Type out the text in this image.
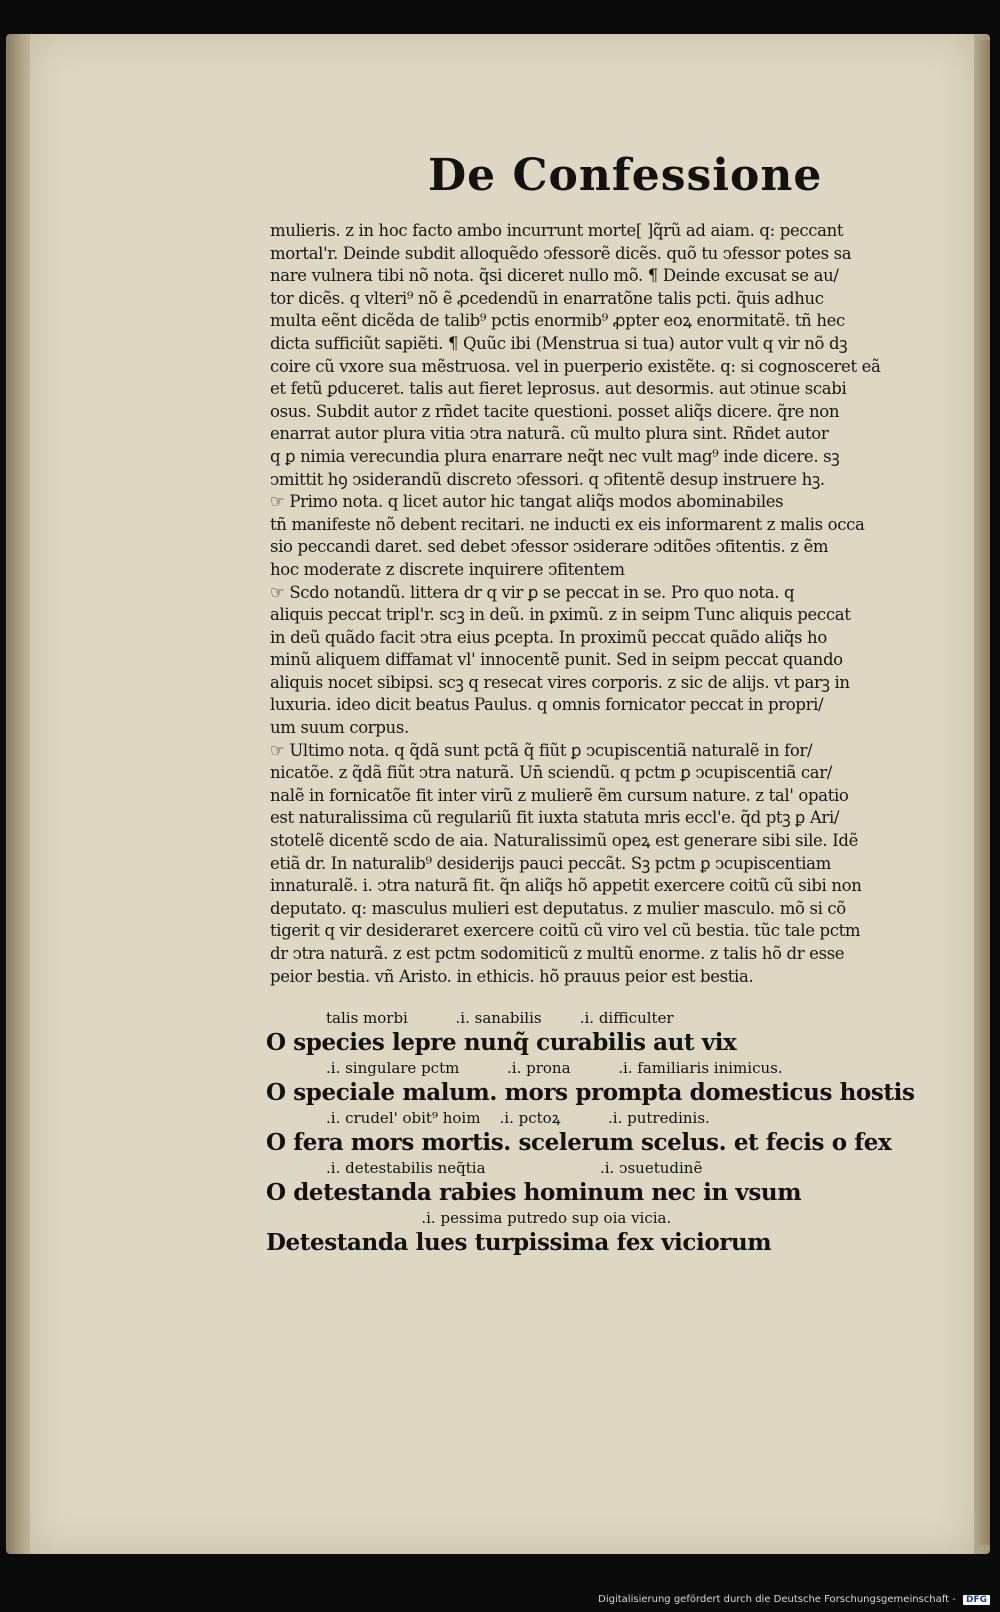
De Confessione
mulieris. z in hoc facto ambo incurrunt morte[ ]q̃rũ ad aiam. q: peccant
mortal'r. Deinde subdit alloquẽdo ↄfessorẽ dicẽs. quõ tu ↄfessor potes sa
nare vulnera tibi nõ nota. q̃si diceret nullo mõ. ¶ Deinde excusat se au/
tor dicẽs. q vlteri⁹ nõ ẽ ꝓcedendũ in enarratõne talis pcti. q̃uis adhuc
multa eẽnt dicẽda de talib⁹ pctis enormib⁹ ꝓpter eoꝝ enormitatẽ. tñ hec
dicta sufficiũt sapiẽti. ¶ Quũc ibi (Menstrua si tua) autor vult q vir nõ dꝫ
coire cũ vxore sua mẽstruosa. vel in puerperio existẽte. q: si cognosceret eã
et fetũ ꝑduceret. talis aut fieret leprosus. aut desormis. aut ↄtinue scabi
osus. Subdit autor z rñdet tacite questioni. posset aliq̃s dicere. q̃re non
enarrat autor plura vitia ↄtra naturã. cũ multo plura sint. Rñdet autor
q ꝑ nimia verecundia plura enarrare neq̃t nec vult mag⁹ inde dicere. sꝫ
ↄmittit hꝯ ↄsiderandũ discreto ↄfessori. q ↄfitentẽ desup instruere hꝫ.
☞ Primo nota. q licet autor hic tangat aliq̃s modos abominabiles
tñ manifeste nõ debent recitari. ne inducti ex eis informarent z malis occa
sio peccandi daret. sed debet ↄfessor ↄsiderare ↄditões ↄfitentis. z ẽm
hoc moderate z discrete inquirere ↄfitentem
☞ Scdo notandũ. littera dr q vir ꝑ se peccat in se. Pro quo nota. q
aliquis peccat tripl'r. scꝫ in deũ. in ꝑximũ. z in seipm Tunc aliquis peccat
in deũ quãdo facit ↄtra eius ꝑcepta. In proximũ peccat quãdo aliq̃s ho
minũ aliquem diffamat vl' innocentẽ punit. Sed in seipm peccat quando
aliquis nocet sibipsi. scꝫ q resecat vires corporis. z sic de alijs. vt parꝫ in
luxuria. ideo dicit beatus Paulus. q omnis fornicator peccat in propri/
um suum corpus.
☞ Ultimo nota. q q̃dã sunt pctã q̃ fiũt ꝑ ↄcupiscentiã naturalẽ in for/
nicatõe. z q̃dã fiũt ↄtra naturã. Un̄ sciendũ. q pctm ꝑ ↄcupiscentiã car/
nalẽ in fornicatõe fit inter virũ z mulierẽ ẽm cursum nature. z tal' opatio
est naturalissima cũ regulariũ fit iuxta statuta mris eccl'e. q̃d ptꝫ ꝑ Ari/
stotelẽ dicentẽ scdo de aia. Naturalissimũ opeꝝ est generare sibi sile. Idẽ
etiã dr. In naturalib⁹ desiderijs pauci peccãt. Sꝫ pctm ꝑ ↄcupiscentiam
innaturalẽ. i. ↄtra naturã fit. q̃n aliq̃s hõ appetit exercere coitũ cũ sibi non
deputato. q: masculus mulieri est deputatus. z mulier masculo. mõ si cõ
tigerit q vir desideraret exercere coitũ cũ viro vel cũ bestia. tũc tale pctm
dr ↄtra naturã. z est pctm sodomiticũ z multũ enorme. z talis hõ dr esse
peior bestia. vñ Aristo. in ethicis. hõ prauus peior est bestia.
talis morbi          .i. sanabilis        .i. difficulter
O species lepre nunq̃ curabilis aut vix
.i. singulare pctm          .i. prona          .i. familiaris inimicus.
O speciale malum. mors prompta domesticus hostis
.i. crudel' obit⁹ hoim    .i. pctoꝝ          .i. putredinis.
O fera mors mortis. scelerum scelus. et fecis o fex
.i. detestabilis neq̃tia                        .i. ↄsuetudinẽ
O detestanda rabies hominum nec in vsum
.i. pessima putredo sup oia vicia.
Detestanda lues turpissima fex viciorum
Digitalisierung gefördert durch die Deutsche Forschungsgemeinschaft - DFG
